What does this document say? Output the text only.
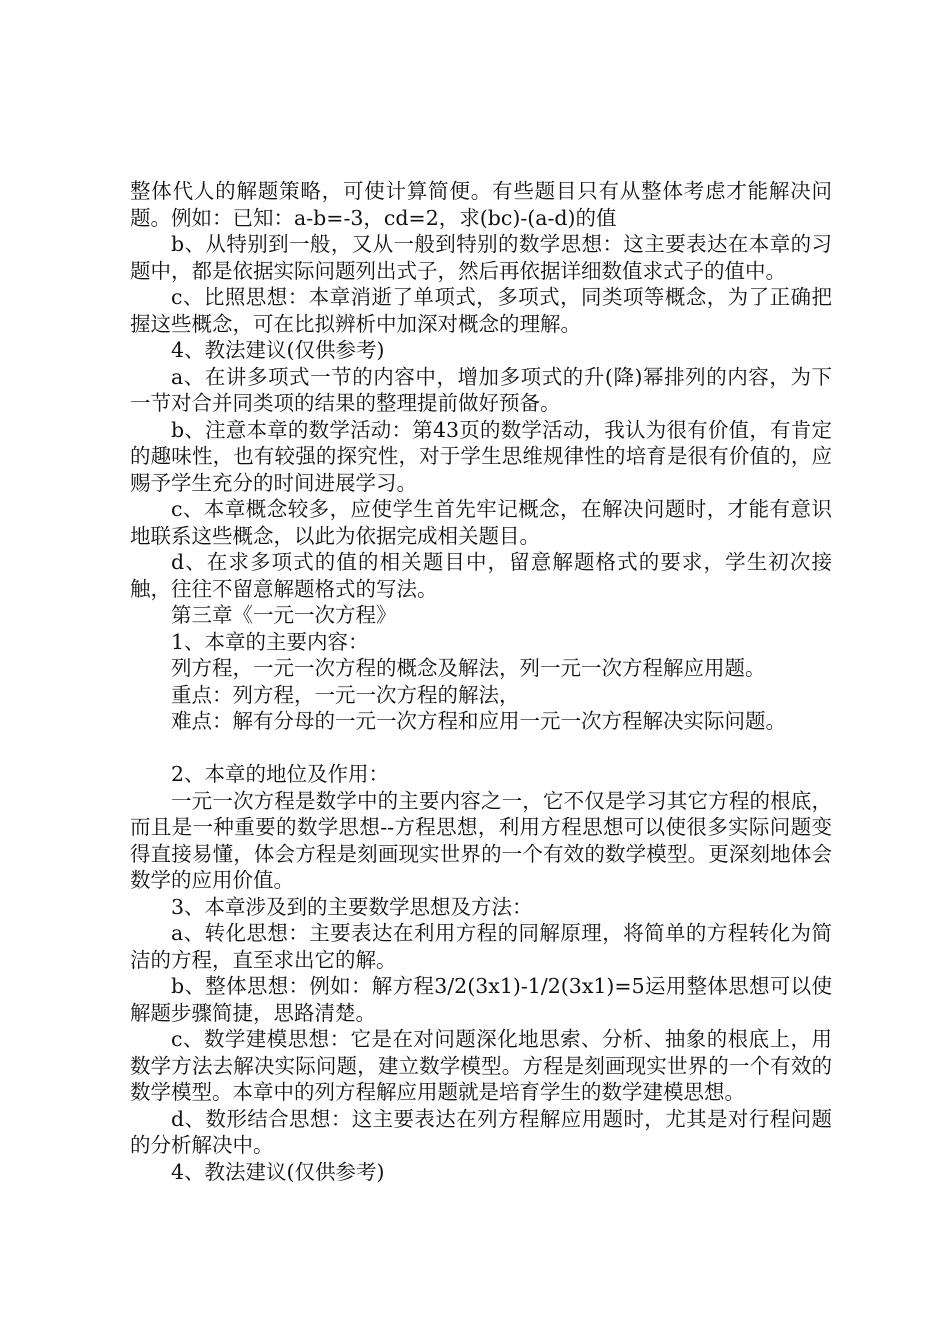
整体代人的解题策略，可使计算简便。有些题目只有从整体考虑才能解决问题。例如：已知：a-b=-3，cd=2，求(bc)-(a-d)的值

b、从特别到一般，又从一般到特别的数学思想：这主要表达在本章的习题中，都是依据实际问题列出式子，然后再依据详细数值求式子的值中。

c、比照思想：本章消逝了单项式，多项式，同类项等概念，为了正确把握这些概念，可在比拟辨析中加深对概念的理解。

4、教法建议(仅供参考)

a、在讲多项式一节的内容中，增加多项式的升(降)幂排列的内容，为下一节对合并同类项的结果的整理提前做好预备。

b、注意本章的数学活动：第43页的数学活动，我认为很有价值，有肯定的趣味性，也有较强的探究性，对于学生思维规律性的培育是很有价值的，应赐予学生充分的时间进展学习。

c、本章概念较多，应使学生首先牢记概念，在解决问题时，才能有意识地联系这些概念，以此为依据完成相关题目。

d、在求多项式的值的相关题目中，留意解题格式的要求，学生初次接触，往往不留意解题格式的写法。

第三章《一元一次方程》

1、本章的主要内容：

列方程，一元一次方程的概念及解法，列一元一次方程解应用题。

重点：列方程，一元一次方程的解法，

难点：解有分母的一元一次方程和应用一元一次方程解决实际问题。

2、本章的地位及作用：

一元一次方程是数学中的主要内容之一，它不仅是学习其它方程的根底，而且是一种重要的数学思想--方程思想，利用方程思想可以使很多实际问题变得直接易懂，体会方程是刻画现实世界的一个有效的数学模型。更深刻地体会数学的应用价值。

3、本章涉及到的主要数学思想及方法：

a、转化思想：主要表达在利用方程的同解原理，将简单的方程转化为简洁的方程，直至求出它的解。

b、整体思想：例如：解方程3/2(3x1)-1/2(3x1)=5运用整体思想可以使解题步骤简捷，思路清楚。

c、数学建模思想：它是在对问题深化地思索、分析、抽象的根底上，用数学方法去解决实际问题，建立数学模型。方程是刻画现实世界的一个有效的数学模型。本章中的列方程解应用题就是培育学生的数学建模思想。

d、数形结合思想：这主要表达在列方程解应用题时，尤其是对行程问题的分析解决中。

4、教法建议(仅供参考)
